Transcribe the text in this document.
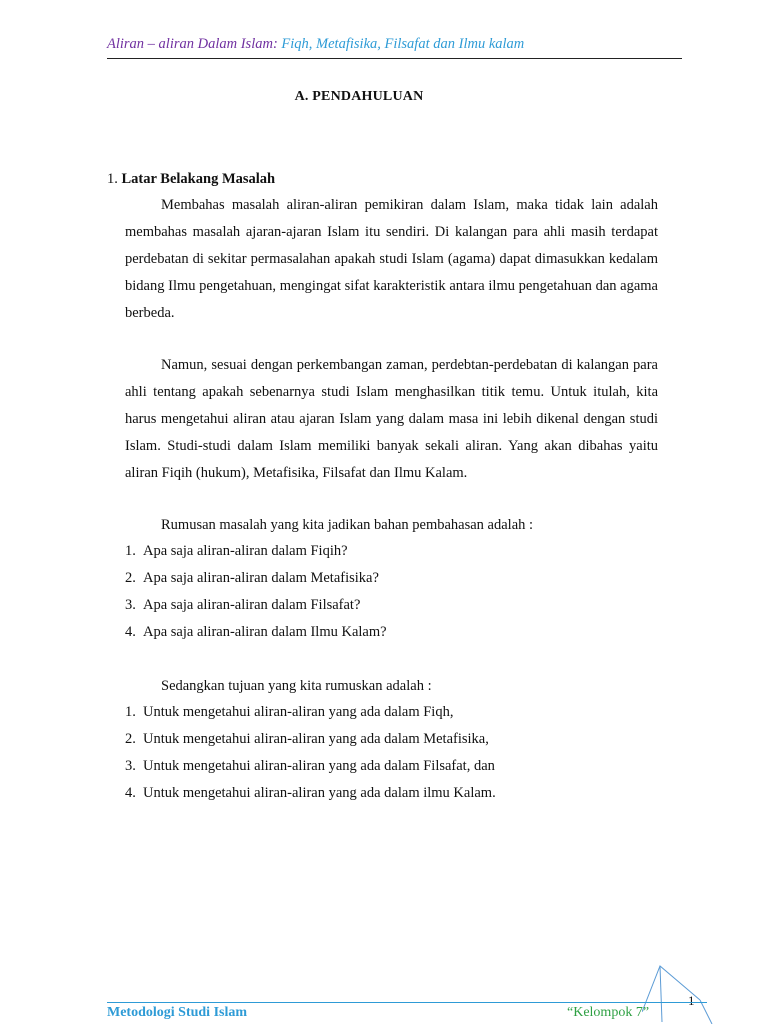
Aliran – aliran Dalam Islam: Fiqh, Metafisika, Filsafat dan Ilmu kalam
A. PENDAHULUAN
1. Latar Belakang Masalah

Membahas masalah aliran-aliran pemikiran dalam Islam, maka tidak lain adalah membahas masalah ajaran-ajaran Islam itu sendiri. Di kalangan para ahli masih terdapat perdebatan di sekitar permasalahan apakah studi Islam (agama) dapat dimasukkan kedalam bidang Ilmu pengetahuan, mengingat sifat karakteristik antara ilmu pengetahuan dan agama berbeda.

Namun, sesuai dengan perkembangan zaman, perdebtan-perdebatan di kalangan para ahli tentang apakah sebenarnya studi Islam menghasilkan titik temu. Untuk itulah, kita harus mengetahui aliran atau ajaran Islam yang dalam masa ini lebih dikenal dengan studi Islam. Studi-studi dalam Islam memiliki banyak sekali aliran. Yang akan dibahas yaitu aliran Fiqih (hukum), Metafisika, Filsafat dan Ilmu Kalam.

Rumusan masalah yang kita jadikan bahan pembahasan adalah :
1. Apa saja aliran-aliran dalam Fiqih?
2. Apa saja aliran-aliran dalam Metafisika?
3. Apa saja aliran-aliran dalam Filsafat?
4. Apa saja aliran-aliran dalam Ilmu Kalam?
Sedangkan tujuan yang kita rumuskan adalah :
1. Untuk mengetahui aliran-aliran yang ada dalam Fiqh,
2. Untuk mengetahui aliran-aliran yang ada dalam Metafisika,
3. Untuk mengetahui aliran-aliran yang ada dalam Filsafat, dan
4. Untuk mengetahui aliran-aliran yang ada dalam ilmu Kalam.
1
Metodologi Studi Islam	“Kelompok 7”
